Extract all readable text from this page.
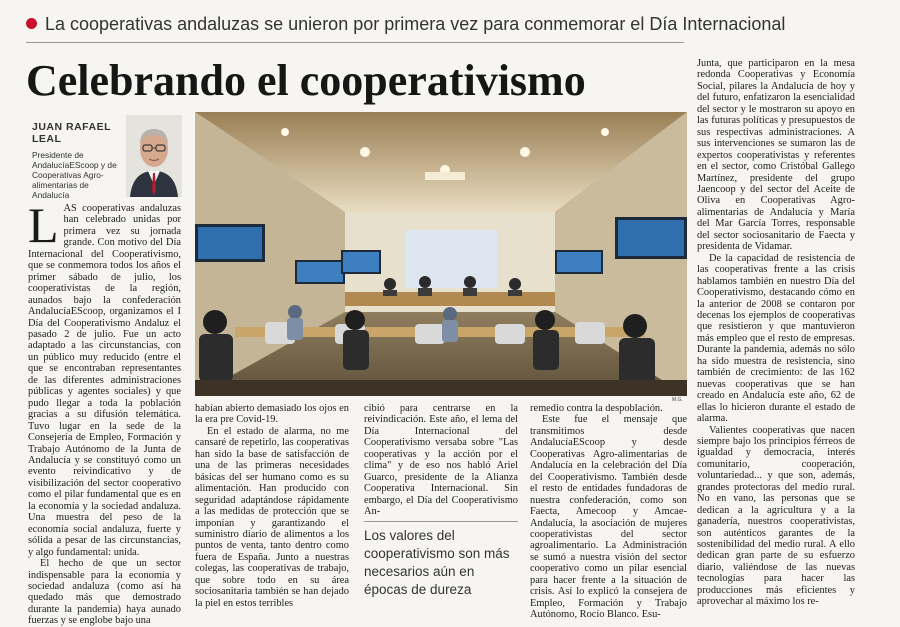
La cooperativas andaluzas se unieron por primera vez para conmemorar el Día Internacional
Celebrando el cooperativismo
JUAN RAFAEL LEAL
Presidente de AndalucíaEScoop y de Cooperativas Agro-alimentarias de Andalucía
M.G.
L AS cooperativas andaluzas han celebrado unidas por primera vez su jornada grande. Con motivo del Día Internacional del Cooperativismo, que se conmemora todos los años el primer sábado de julio, los cooperativistas de la región, aunados bajo la confederación AndalucíaEScoop, organizamos el I Día del Cooperativismo Andaluz el pasado 2 de julio. Fue un acto adaptado a las circunstancias, con un público muy reducido (entre el que se encontraban representantes de las diferentes administraciones públicas y agentes sociales) y que pudo llegar a toda la población gracias a su difusión telemática. Tuvo lugar en la sede de la Consejería de Empleo, Formación y Trabajo Autónomo de la Junta de Andalucía y se constituyó como un evento reivindicativo y de visibilización del sector cooperativo como el pilar fundamental que es en la economía y la sociedad andaluza. Una muestra del peso de la economía social andaluza, fuerte y sólida a pesar de las circunstancias, y algo fundamental: unida.
El hecho de que un sector indispensable para la economía y sociedad andaluza (como así ha quedado más que demostrado durante la pandemia) haya aunado fuerzas y se englobe bajo una
habían abierto demasiado los ojos en la era pre Covid-19.
En el estado de alarma, no me cansaré de repetirlo, las cooperativas han sido la base de satisfacción de una de las primeras necesidades básicas del ser humano como es su alimentación. Han producido con seguridad adaptándose rápidamente a las medidas de protección que se imponían y garantizando el suministro diario de alimentos a los puntos de venta, tanto dentro como fuera de España. Junto a nuestras colegas, las cooperativas de trabajo, que sobre todo en su área sociosanitaria también se han dejado la piel en estos terribles
cibió para centrarse en la reivindicación. Este año, el lema del Día Internacional del Cooperativismo versaba sobre "Las cooperativas y la acción por el clima" y de eso nos habló Ariel Guarco, presidente de la Alianza Cooperativa Internacional. Sin embargo, el Día del Cooperativismo An-
Los valores del cooperativismo son más necesarios aún en épocas de dureza
remedio contra la despoblación.
Este fue el mensaje que transmitimos desde AndalucíaEScoop y desde Cooperativas Agro-alimentarias de Andalucía en la celebración del Día del Cooperativismo. También desde el resto de entidades fundadoras de nuestra confederación, como son Faecta, Amecoop y Amcae-Andalucía, la asociación de mujeres cooperativistas del sector agroalimentario. La Administración se sumó a nuestra visión del sector cooperativo como un pilar esencial para hacer frente a la situación de crisis. Así lo explicó la consejera de Empleo, Formación y Trabajo Autónomo, Rocío Blanco. Esu-
Junta, que participaron en la mesa redonda Cooperativas y Economía Social, pilares la Andalucía de hoy y del futuro, enfatizaron la esencialidad del sector y le mostraron su apoyo en las futuras políticas y presupuestos de sus respectivas administraciones. A sus intervenciones se sumaron las de expertos cooperativistas y referentes en el sector, como Cristóbal Gallego Martínez, presidente del grupo Jaencoop y del sector del Aceite de Oliva en Cooperativas Agro-alimentarias de Andalucía y María del Mar García Torres, responsable del sector sociosanitario de Faecta y presidenta de Vidamar.
De la capacidad de resistencia de las cooperativas frente a las crisis hablamos también en nuestro Día del Cooperativismo, destacando cómo en la anterior de 2008 se contaron por decenas los ejemplos de cooperativas que resistieron y que mantuvieron más empleo que el resto de empresas. Durante la pandemia, además no sólo ha sido muestra de resistencia, sino también de crecimiento: de las 162 nuevas cooperativas que se han creado en Andalucía este año, 62 de ellas lo hicieron durante el estado de alarma.
Valientes cooperativas que nacen siempre bajo los principios férreos de igualdad y democracia, interés comunitario, cooperación, voluntariedad... y que son, además, grandes protectoras del medio rural. No en vano, las personas que se dedican a la agricultura y a la ganadería, nuestros cooperativistas, son auténticos garantes de la sostenibilidad del medio rural. A ello dedican gran parte de su esfuerzo diario, valiéndose de las nuevas tecnologías para hacer las producciones más eficientes y aprovechar al máximo los re-
